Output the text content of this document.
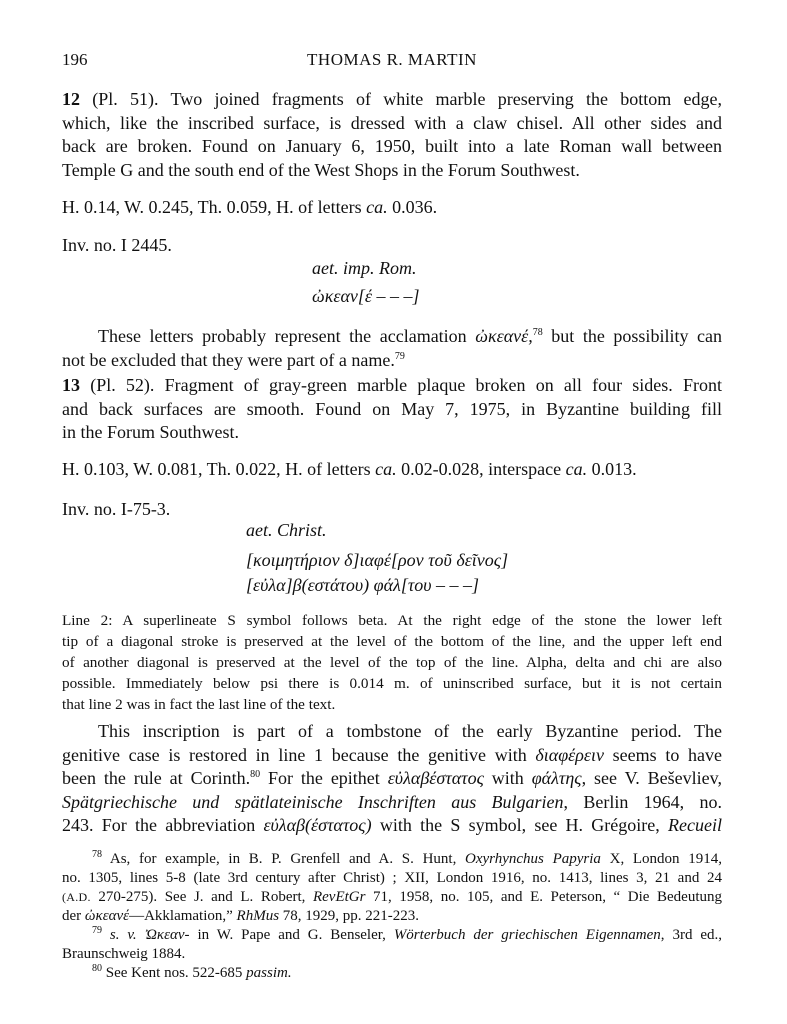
196	THOMAS R. MARTIN
12 (Pl. 51). Two joined fragments of white marble preserving the bottom edge,
which, like the inscribed surface, is dressed with a claw chisel. All other sides and
back are broken. Found on January 6, 1950, built into a late Roman wall between
Temple G and the south end of the West Shops in the Forum Southwest.
H. 0.14, W. 0.245, Th. 0.059, H. of letters ca. 0.036.
Inv. no. I 2445.
aet. imp. Rom.
ὠκεαν[έ – – –]
These letters probably represent the acclamation ὠκεανέ,$^{78}$ but the possibility can
not be excluded that they were part of a name.$^{79}$
13 (Pl. 52). Fragment of gray-green marble plaque broken on all four sides. Front
and back surfaces are smooth. Found on May 7, 1975, in Byzantine building fill
in the Forum Southwest.
H. 0.103, W. 0.081, Th. 0.022, H. of letters ca. 0.02-0.028, interspace ca. 0.013.
Inv. no. I-75-3.
aet. Christ.
[κοιμητήριον δ]ιαφέ[ρον τοῦ δεῖνος]
[εὐλα]β(εστάτου) φάλ[του – – –]
Line 2: A superlineate S symbol follows beta. At the right edge of the stone the lower left
tip of a diagonal stroke is preserved at the level of the bottom of the line, and the upper left end
of another diagonal is preserved at the level of the top of the line. Alpha, delta and chi are also
possible. Immediately below psi there is 0.014 m. of uninscribed surface, but it is not certain
that line 2 was in fact the last line of the text.
This inscription is part of a tombstone of the early Byzantine period. The
genitive case is restored in line 1 because the genitive with διαφέρειν seems to have
been the rule at Corinth.$^{80}$ For the epithet εὐλαβέστατος with φάλτης, see V. Beševliev,
Spätgriechische und spätlateinische Inschriften aus Bulgarien, Berlin 1964, no.
243. For the abbreviation εὐλαβ(έστατος) with the S symbol, see H. Grégoire, Recueil
$^{78}$ As, for example, in B. P. Grenfell and A. S. Hunt, Oxyrhynchus Papyria X, London 1914,
no. 1305, lines 5-8 (late 3rd century after Christ) ; XII, London 1916, no. 1413, lines 3, 21 and 24
(A.D. 270-275). See J. and L. Robert, RevEtGr 71, 1958, no. 105, and E. Peterson, “ Die Bedeutung
der ὠκεανέ—Akklamation,” RhMus 78, 1929, pp. 221-223.
$^{79}$ s. v. Ὠκεαν- in W. Pape and G. Benseler, Wörterbuch der griechischen Eigennamen, 3rd ed.,
Braunschweig 1884.
$^{80}$ See Kent nos. 522-685 passim.
